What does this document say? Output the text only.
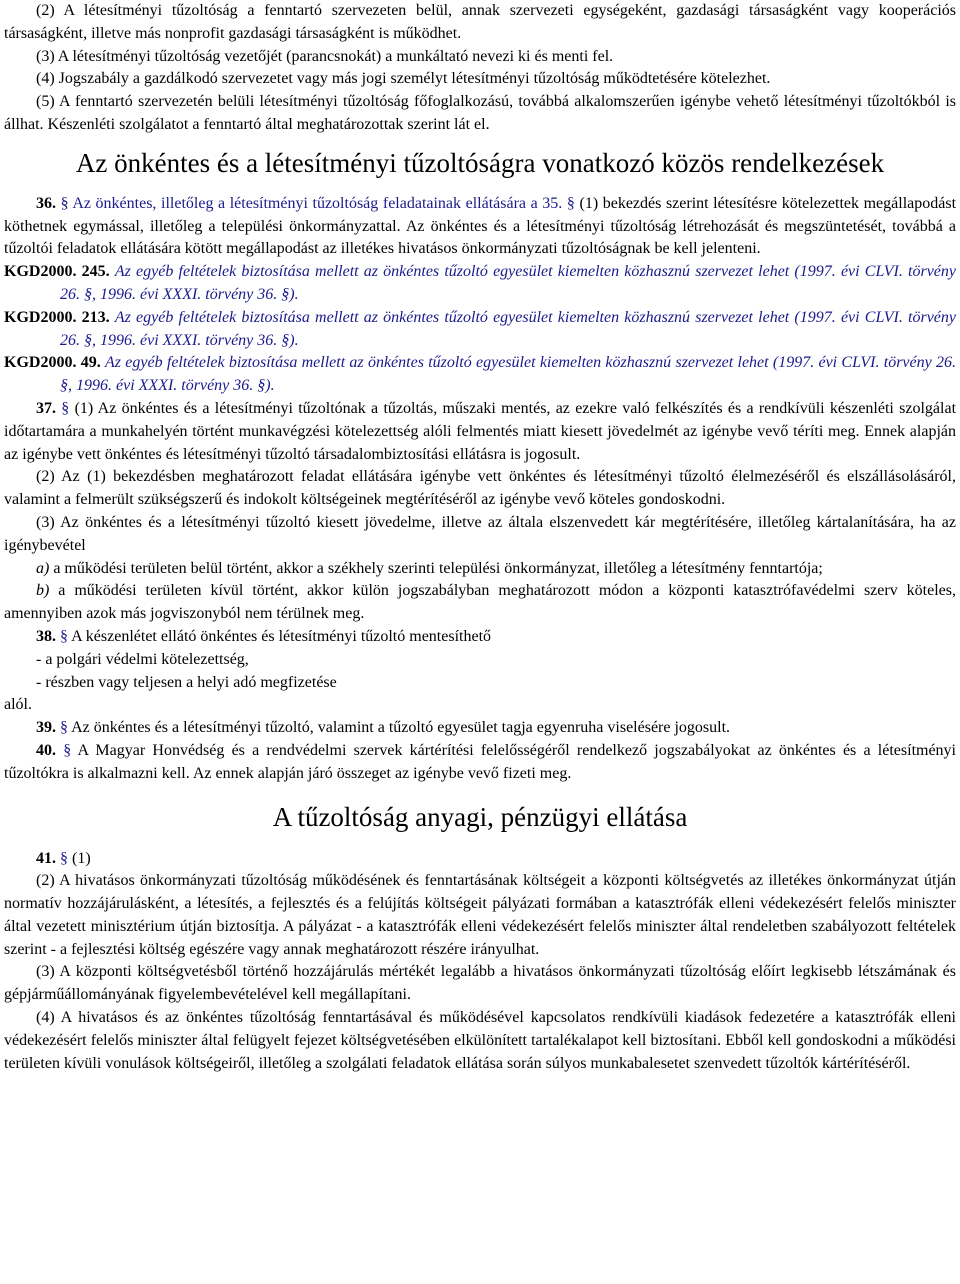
(2) A létesítményi tűzoltóság a fenntartó szervezeten belül, annak szervezeti egységeként, gazdasági társaságként vagy kooperációs társaságként, illetve más nonprofit gazdasági társaságként is működhet.

(3) A létesítményi tűzoltóság vezetőjét (parancsnokát) a munkáltató nevezi ki és menti fel.

(4) Jogszabály a gazdálkodó szervezetet vagy más jogi személyt létesítményi tűzoltóság működtetésére kötelezhet.

(5) A fenntartó szervezetén belüli létesítményi tűzoltóság főfoglalkozású, továbbá alkalomszerűen igénybe vehető létesítményi tűzoltókból is állhat. Készenléti szolgálatot a fenntartó által meghatározottak szerint lát el.

Az önkéntes és a létesítményi tűzoltóságra vonatkozó közös rendelkezések

36. § Az önkéntes, illetőleg a létesítményi tűzoltóság feladatainak ellátására a 35. § (1) bekezdés szerint létesítésre kötelezettek megállapodást köthetnek egymással, illetőleg a települési önkormányzattal. Az önkéntes és a létesítményi tűzoltóság létrehozását és megszüntetését, továbbá a tűzoltói feladatok ellátására kötött megállapodást az illetékes hivatásos önkormányzati tűzoltóságnak be kell jelenteni.

KGD2000. 245. Az egyéb feltételek biztosítása mellett az önkéntes tűzoltó egyesület kiemelten közhasznú szervezet lehet (1997. évi CLVI. törvény 26. §, 1996. évi XXXI. törvény 36. §).

KGD2000. 213. Az egyéb feltételek biztosítása mellett az önkéntes tűzoltó egyesület kiemelten közhasznú szervezet lehet (1997. évi CLVI. törvény 26. §, 1996. évi XXXI. törvény 36. §).

KGD2000. 49. Az egyéb feltételek biztosítása mellett az önkéntes tűzoltó egyesület kiemelten közhasznú szervezet lehet (1997. évi CLVI. törvény 26. §, 1996. évi XXXI. törvény 36. §).

37. § (1) Az önkéntes és a létesítményi tűzoltónak a tűzoltás, műszaki mentés, az ezekre való felkészítés és a rendkívüli készenléti szolgálat időtartamára a munkahelyén történt munkavégzési kötelezettség alóli felmentés miatt kiesett jövedelmét az igénybe vevő téríti meg. Ennek alapján az igénybe vett önkéntes és létesítményi tűzoltó társadalombiztosítási ellátásra is jogosult.

(2) Az (1) bekezdésben meghatározott feladat ellátására igénybe vett önkéntes és létesítményi tűzoltó élelmezéséről és elszállásolásáról, valamint a felmerült szükségszerű és indokolt költségeinek megtérítéséről az igénybe vevő köteles gondoskodni.

(3) Az önkéntes és a létesítményi tűzoltó kiesett jövedelme, illetve az általa elszenvedett kár megtérítésére, illetőleg kártalanítására, ha az igénybevétel

a) a működési területen belül történt, akkor a székhely szerinti települési önkormányzat, illetőleg a létesítmény fenntartója;

b) a működési területen kívül történt, akkor külön jogszabályban meghatározott módon a központi katasztrófavédelmi szerv köteles, amennyiben azok más jogviszonyból nem térülnek meg.

38. § A készenlétet ellátó önkéntes és létesítményi tűzoltó mentesíthető

- a polgári védelmi kötelezettség,

- részben vagy teljesen a helyi adó megfizetése

alól.

39. § Az önkéntes és a létesítményi tűzoltó, valamint a tűzoltó egyesület tagja egyenruha viselésére jogosult.

40. § A Magyar Honvédség és a rendvédelmi szervek kártérítési felelősségéről rendelkező jogszabályokat az önkéntes és a létesítményi tűzoltókra is alkalmazni kell. Az ennek alapján járó összeget az igénybe vevő fizeti meg.

A tűzoltóság anyagi, pénzügyi ellátása

41. § (1)

(2) A hivatásos önkormányzati tűzoltóság működésének és fenntartásának költségeit a központi költségvetés az illetékes önkormányzat útján normatív hozzájárulásként, a létesítés, a fejlesztés és a felújítás költségeit pályázati formában a katasztrófák elleni védekezésért felelős miniszter által vezetett minisztérium útján biztosítja. A pályázat - a katasztrófák elleni védekezésért felelős miniszter által rendeletben szabályozott feltételek szerint - a fejlesztési költség egészére vagy annak meghatározott részére irányulhat.

(3) A központi költségvetésből történő hozzájárulás mértékét legalább a hivatásos önkormányzati tűzoltóság előírt legkisebb létszámának és gépjárműállományának figyelembevételével kell megállapítani.

(4) A hivatásos és az önkéntes tűzoltóság fenntartásával és működésével kapcsolatos rendkívüli kiadások fedezetére a katasztrófák elleni védekezésért felelős miniszter által felügyelt fejezet költségvetésében elkülönített tartalékalapot kell biztosítani. Ebből kell gondoskodni a működési területen kívüli vonulások költségeiről, illetőleg a szolgálati feladatok ellátása során súlyos munkabalesetet szenvedett tűzoltók kártérítéséről.
